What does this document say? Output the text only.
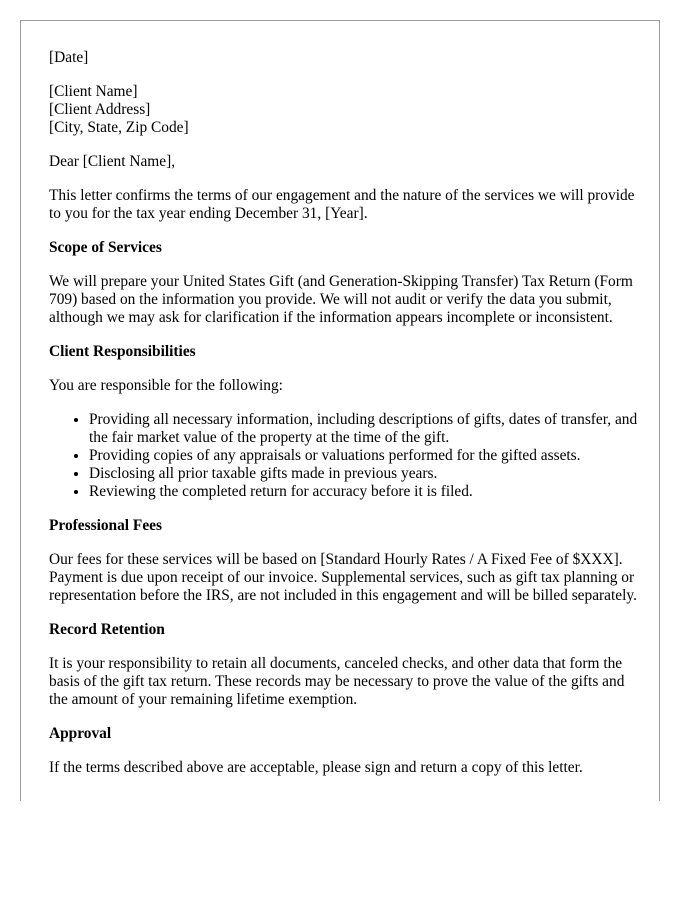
[Date]

[Client Name]
[Client Address]
[City, State, Zip Code]

Dear [Client Name],

This letter confirms the terms of our engagement and the nature of the services we will provide to you for the tax year ending December 31, [Year].

Scope of Services

We will prepare your United States Gift (and Generation-Skipping Transfer) Tax Return (Form 709) based on the information you provide. We will not audit or verify the data you submit, although we may ask for clarification if the information appears incomplete or inconsistent.

Client Responsibilities

You are responsible for the following:

• Providing all necessary information, including descriptions of gifts, dates of transfer, and the fair market value of the property at the time of the gift.
• Providing copies of any appraisals or valuations performed for the gifted assets.
• Disclosing all prior taxable gifts made in previous years.
• Reviewing the completed return for accuracy before it is filed.
Professional Fees

Our fees for these services will be based on [Standard Hourly Rates / A Fixed Fee of $XXX]. Payment is due upon receipt of our invoice. Supplemental services, such as gift tax planning or representation before the IRS, are not included in this engagement and will be billed separately.

Record Retention

It is your responsibility to retain all documents, canceled checks, and other data that form the basis of the gift tax return. These records may be necessary to prove the value of the gifts and the amount of your remaining lifetime exemption.

Approval

If the terms described above are acceptable, please sign and return a copy of this letter.
